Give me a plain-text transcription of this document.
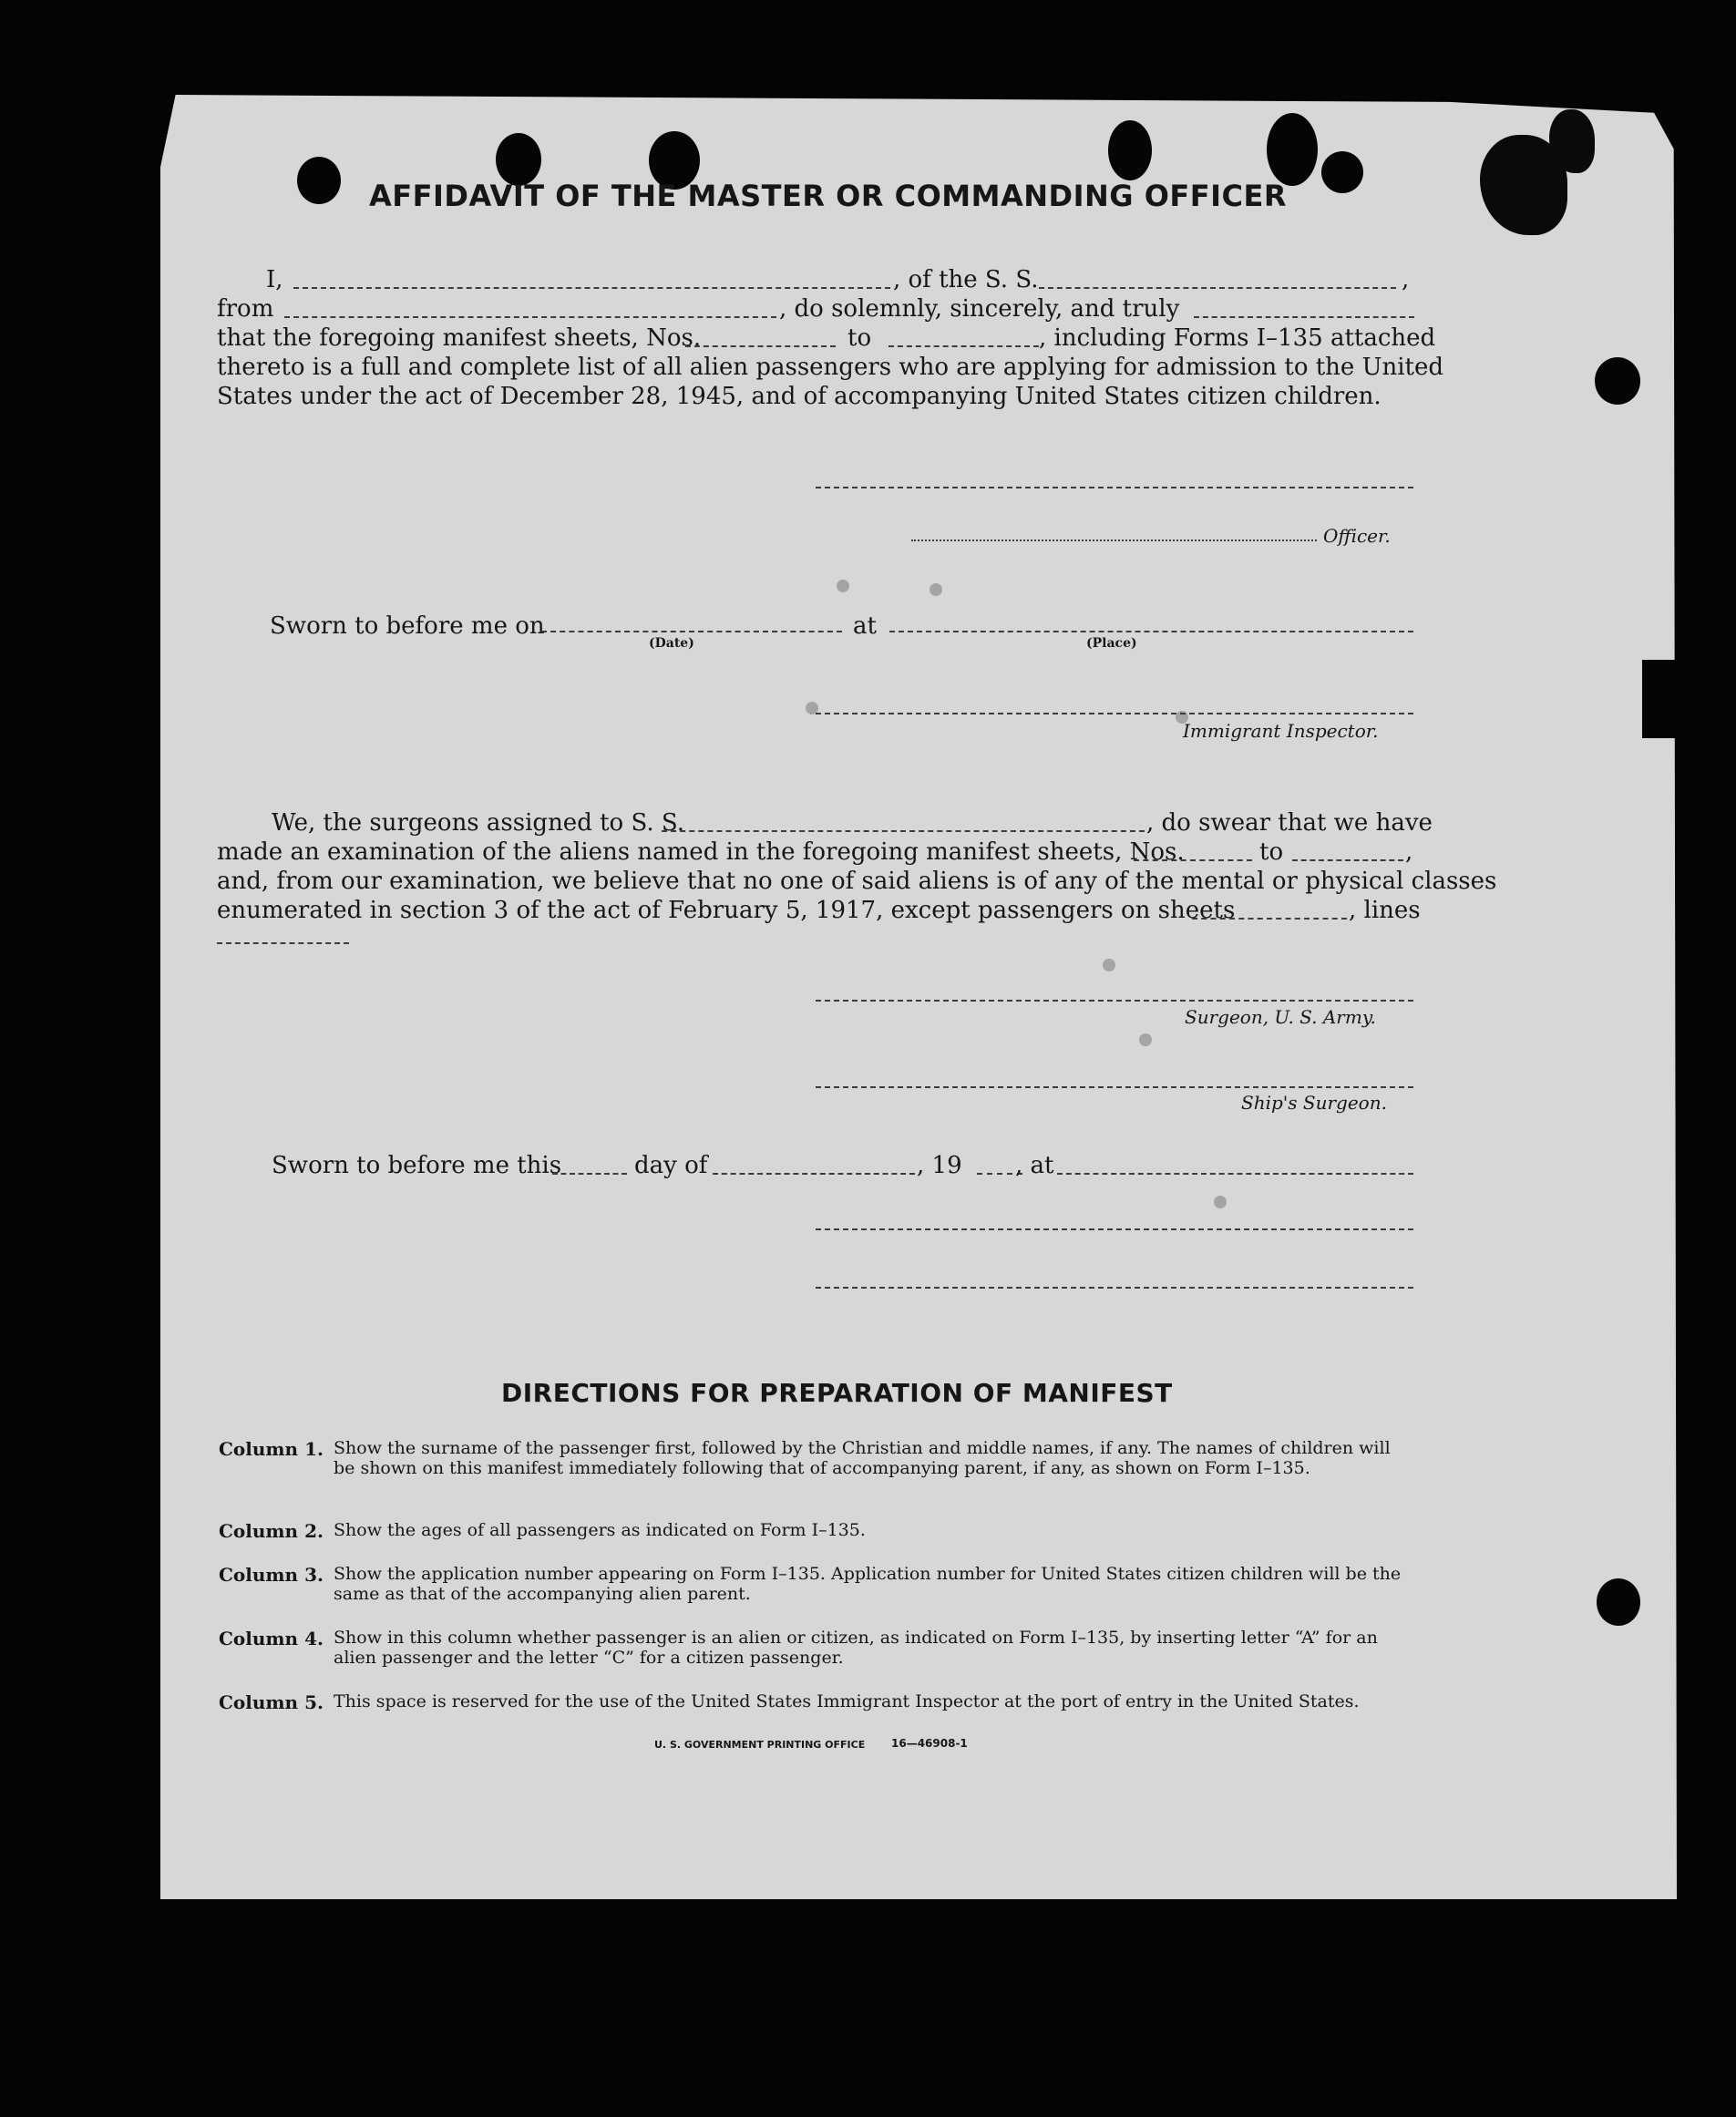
AFFIDAVIT OF THE MASTER OR COMMANDING OFFICER
I,	, of the S. S.	,
from	, do solemnly, sincerely, and truly
that the foregoing manifest sheets, Nos.	to	, including Forms I–135 attached
thereto is a full and complete list of all alien passengers who are applying for admission to the United
States under the act of December 28, 1945, and of accompanying United States citizen children.
Officer.
Sworn to before me on	at
(Date)	(Place)
Immigrant Inspector.
We, the surgeons assigned to S. S.	, do swear that we have
made an examination of the aliens named in the foregoing manifest sheets, Nos.	to	,
and, from our examination, we believe that no one of said aliens is of any of the mental or physical classes
enumerated in section 3 of the act of February 5, 1917, except passengers on sheets	, lines
Surgeon, U. S. Army.
Ship's Surgeon.
Sworn to before me this	day of	, 19 , at
DIRECTIONS FOR PREPARATION OF MANIFEST
Column 1. Show the surname of the passenger first, followed by the Christian and middle names, if any. The names of children will be shown on this manifest immediately following that of accompanying parent, if any, as shown on Form I–135.
Column 2. Show the ages of all passengers as indicated on Form I–135.
Column 3. Show the application number appearing on Form I–135. Application number for United States citizen children will be the same as that of the accompanying alien parent.
Column 4. Show in this column whether passenger is an alien or citizen, as indicated on Form I–135, by inserting letter “A” for an alien passenger and the letter “C” for a citizen passenger.
Column 5. This space is reserved for the use of the United States Immigrant Inspector at the port of entry in the United States.
U. S. GOVERNMENT PRINTING OFFICE 16—46908-1
